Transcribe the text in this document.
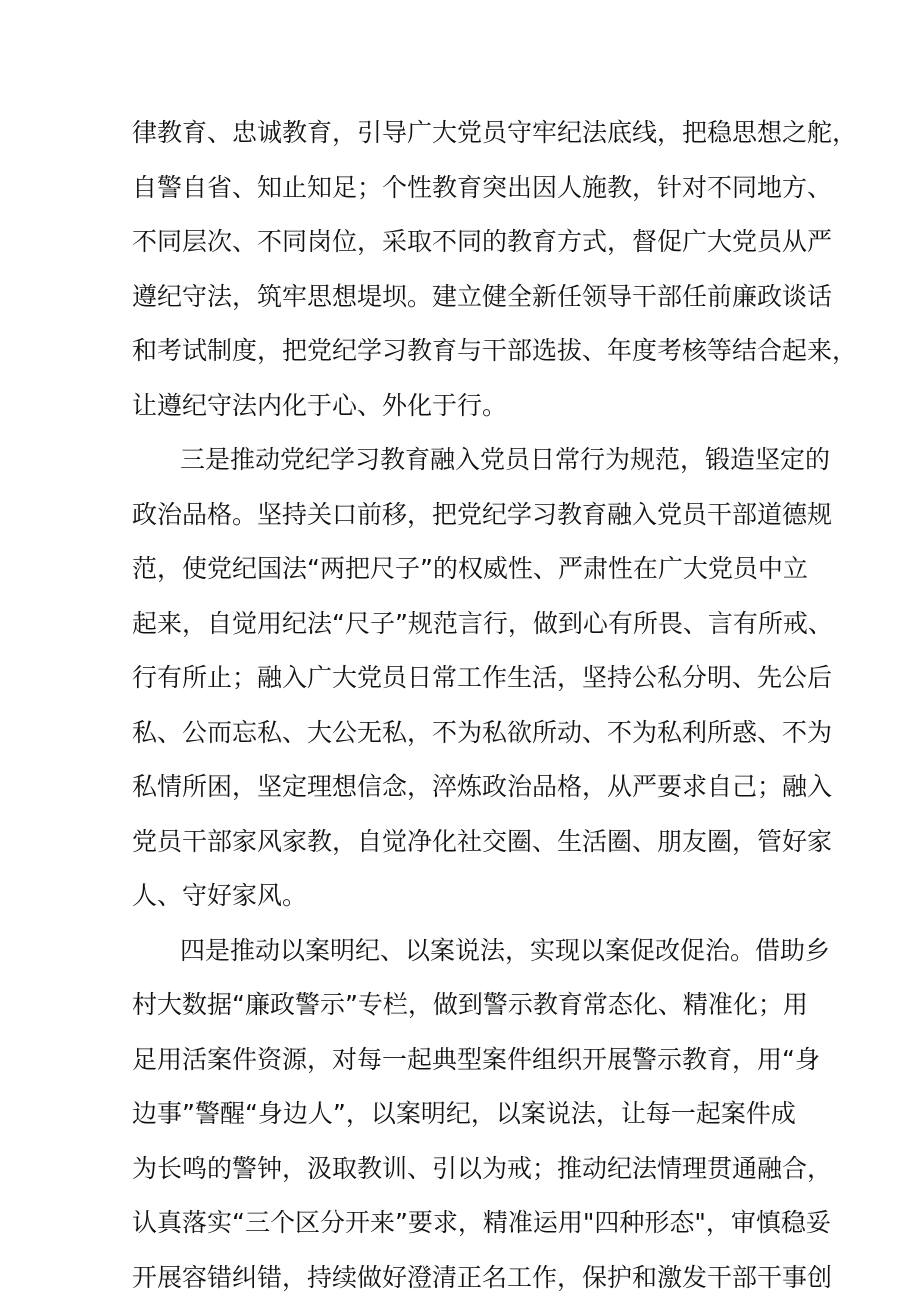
律教育、忠诚教育，引导广大党员守牢纪法底线，把稳思想之舵，
自警自省、知止知足；个性教育突出因人施教，针对不同地方、
不同层次、不同岗位，采取不同的教育方式，督促广大党员从严
遵纪守法，筑牢思想堤坝。建立健全新任领导干部任前廉政谈话
和考试制度，把党纪学习教育与干部选拔、年度考核等结合起来，
让遵纪守法内化于心、外化于行。
三是推动党纪学习教育融入党员日常行为规范，锻造坚定的
政治品格。坚持关口前移，把党纪学习教育融入党员干部道德规
范，使党纪国法“两把尺子”的权威性、严肃性在广大党员中立
起来，自觉用纪法“尺子”规范言行，做到心有所畏、言有所戒、
行有所止；融入广大党员日常工作生活，坚持公私分明、先公后
私、公而忘私、大公无私，不为私欲所动、不为私利所惑、不为
私情所困，坚定理想信念，淬炼政治品格，从严要求自己；融入
党员干部家风家教，自觉净化社交圈、生活圈、朋友圈，管好家
人、守好家风。
四是推动以案明纪、以案说法，实现以案促改促治。借助乡
村大数据“廉政警示”专栏，做到警示教育常态化、精准化；用
足用活案件资源，对每一起典型案件组织开展警示教育，用“身
边事”警醒“身边人”，以案明纪，以案说法，让每一起案件成
为长鸣的警钟，汲取教训、引以为戒；推动纪法情理贯通融合，
认真落实“三个区分开来”要求，精准运用"四种形态"，审慎稳妥
开展容错纠错，持续做好澄清正名工作，保护和激发干部干事创
